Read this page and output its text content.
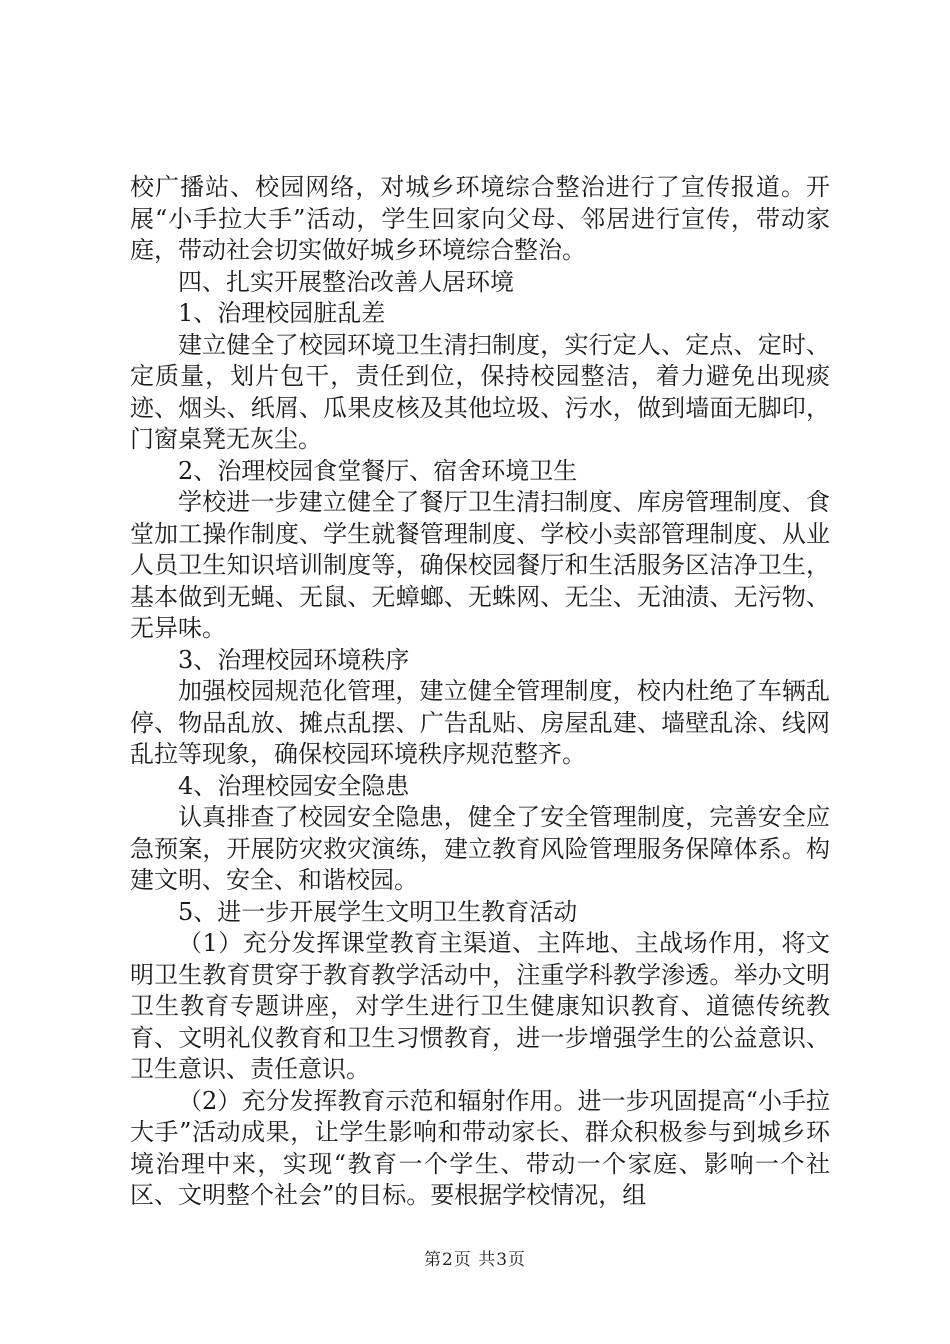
校广播站、校园网络，对城乡环境综合整治进行了宣传报道。开展“小手拉大手”活动，学生回家向父母、邻居进行宣传，带动家庭，带动社会切实做好城乡环境综合整治。

四、扎实开展整治改善人居环境

1、治理校园脏乱差

建立健全了校园环境卫生清扫制度，实行定人、定点、定时、定质量，划片包干，责任到位，保持校园整洁，着力避免出现痰迹、烟头、纸屑、瓜果皮核及其他垃圾、污水，做到墙面无脚印，门窗桌凳无灰尘。

2、治理校园食堂餐厅、宿舍环境卫生

学校进一步建立健全了餐厅卫生清扫制度、库房管理制度、食堂加工操作制度、学生就餐管理制度、学校小卖部管理制度、从业人员卫生知识培训制度等，确保校园餐厅和生活服务区洁净卫生，基本做到无蝇、无鼠、无蟑螂、无蛛网、无尘、无油渍、无污物、无异味。

3、治理校园环境秩序

加强校园规范化管理，建立健全管理制度，校内杜绝了车辆乱停、物品乱放、摊点乱摆、广告乱贴、房屋乱建、墙壁乱涂、线网乱拉等现象，确保校园环境秩序规范整齐。

4、治理校园安全隐患

认真排查了校园安全隐患，健全了安全管理制度，完善安全应急预案，开展防灾救灾演练，建立教育风险管理服务保障体系。构建文明、安全、和谐校园。

5、进一步开展学生文明卫生教育活动

（1）充分发挥课堂教育主渠道、主阵地、主战场作用，将文明卫生教育贯穿于教育教学活动中，注重学科教学渗透。举办文明卫生教育专题讲座，对学生进行卫生健康知识教育、道德传统教育、文明礼仪教育和卫生习惯教育，进一步增强学生的公益意识、卫生意识、责任意识。

（2）充分发挥教育示范和辐射作用。进一步巩固提高“小手拉大手”活动成果，让学生影响和带动家长、群众积极参与到城乡环境治理中来，实现“教育一个学生、带动一个家庭、影响一个社区、文明整个社会”的目标。要根据学校情况，组

第2页 共3页
